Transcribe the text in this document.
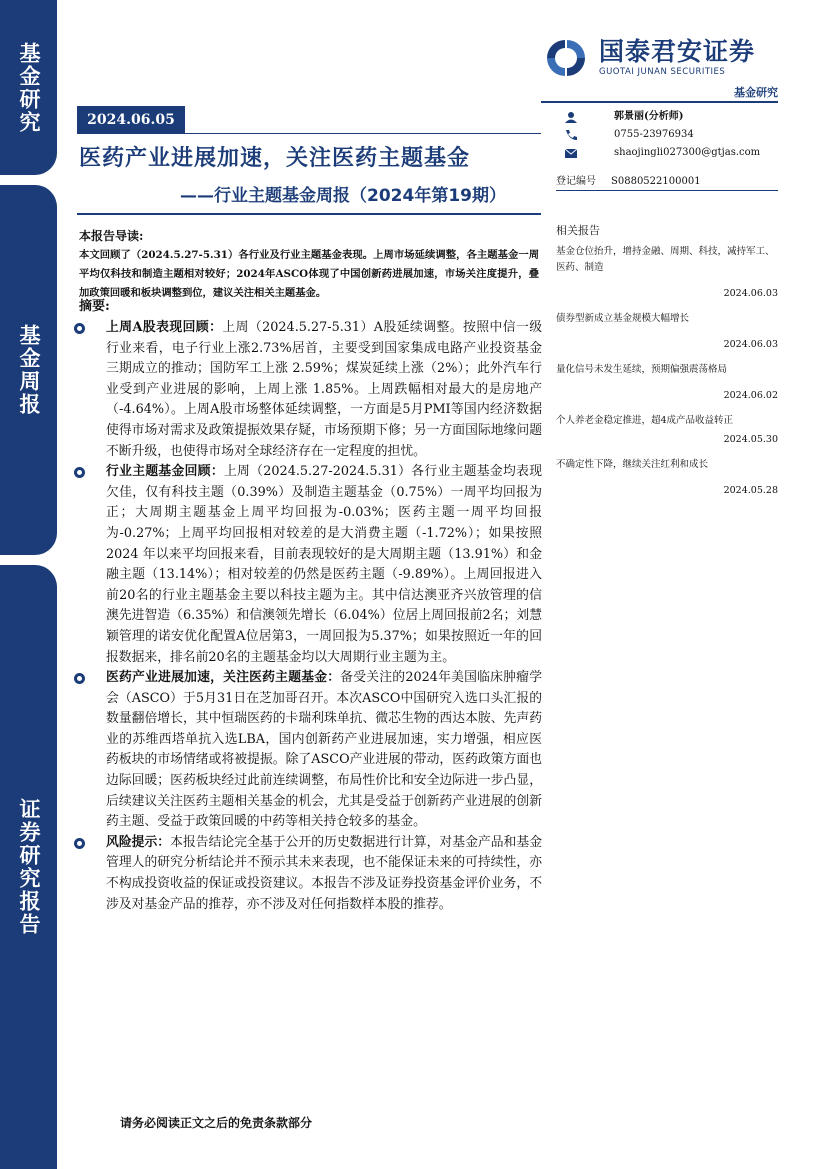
基金研究
基金周报
证券研究报告
国泰君安证券
GUOTAI JUNAN SECURITIES
基金研究
2024.06.05
医药产业进展加速，关注医药主题基金
——行业主题基金周报（2024年第19期）
郭景丽(分析师)
0755-23976934
shaojingli027300@gtjas.com
登记编号 S0880522100001
相关报告
基金仓位抬升，增持金融、周期、科技，减持军工、医药、制造
2024.06.03
债券型新成立基金规模大幅增长
2024.06.03
量化信号未发生延续，预期偏强震荡格局
2024.06.02
个人养老金稳定推进，超4成产品收益转正
2024.05.30
不确定性下降，继续关注红利和成长
2024.05.28
本报告导读:
本文回顾了（2024.5.27-5.31）各行业及行业主题基金表现。上周市场延续调整，各主题基金一周平均仅科技和制造主题相对较好；2024年ASCO体现了中国创新药进展加速，市场关注度提升，叠加政策回暖和板块调整到位，建议关注相关主题基金。
摘要:
上周A股表现回顾：上周（2024.5.27-5.31）A股延续调整。按照中信一级行业来看，电子行业上涨2.73%居首，主要受到国家集成电路产业投资基金三期成立的推动；国防军工上涨 2.59%；煤炭延续上涨（2%）；此外汽车行业受到产业进展的影响，上周上涨 1.85%。上周跌幅相对最大的是房地产（-4.64%）。上周A股市场整体延续调整，一方面是5月PMI等国内经济数据使得市场对需求及政策提振效果存疑，市场预期下修；另一方面国际地缘问题不断升级，也使得市场对全球经济存在一定程度的担忧。
行业主题基金回顾：上周（2024.5.27-2024.5.31）各行业主题基金均表现欠佳，仅有科技主题（0.39%）及制造主题基金（0.75%）一周平均回报为正；大周期主题基金上周平均回报为-0.03%；医药主题一周平均回报为-0.27%；上周平均回报相对较差的是大消费主题（-1.72%）；如果按照 2024 年以来平均回报来看，目前表现较好的是大周期主题（13.91%）和金融主题（13.14%）；相对较差的仍然是医药主题（-9.89%）。上周回报进入前20名的行业主题基金主要以科技主题为主。其中信达澳亚齐兴放管理的信澳先进智造（6.35%）和信澳领先增长（6.04%）位居上周回报前2名；刘慧颖管理的诺安优化配置A位居第3，一周回报为5.37%；如果按照近一年的回报数据来，排名前20名的主题基金均以大周期行业主题为主。
医药产业进展加速，关注医药主题基金：备受关注的2024年美国临床肿瘤学会（ASCO）于5月31日在芝加哥召开。本次ASCO中国研究入选口头汇报的数量翻倍增长，其中恒瑞医药的卡瑞利珠单抗、微芯生物的西达本胺、先声药业的苏维西塔单抗入选LBA，国内创新药产业进展加速，实力增强，相应医药板块的市场情绪或将被提振。除了ASCO产业进展的带动，医药政策方面也边际回暖；医药板块经过此前连续调整，布局性价比和安全边际进一步凸显，后续建议关注医药主题相关基金的机会，尤其是受益于创新药产业进展的创新药主题、受益于政策回暖的中药等相关持仓较多的基金。
风险提示：本报告结论完全基于公开的历史数据进行计算，对基金产品和基金管理人的研究分析结论并不预示其未来表现，也不能保证未来的可持续性，亦不构成投资收益的保证或投资建议。本报告不涉及证券投资基金评价业务，不涉及对基金产品的推荐，亦不涉及对任何指数样本股的推荐。
请务必阅读正文之后的免责条款部分
